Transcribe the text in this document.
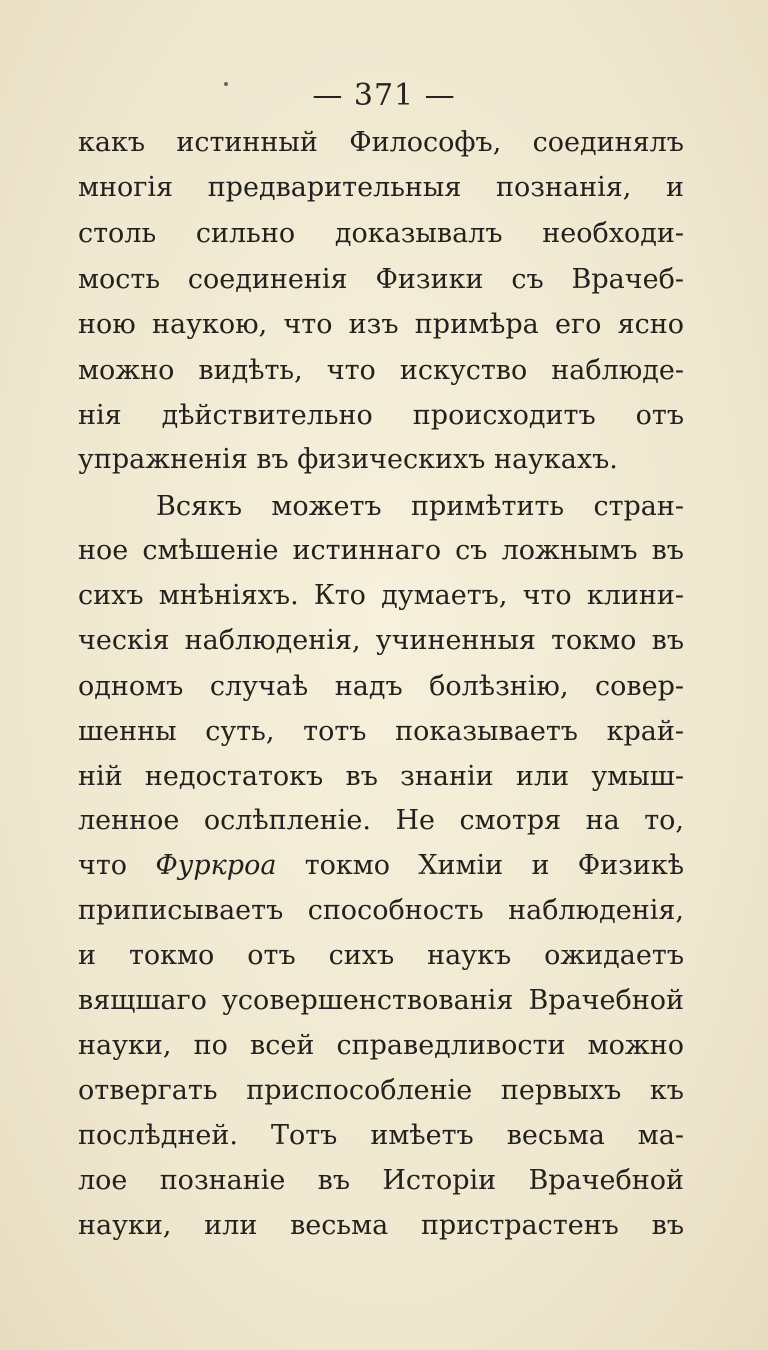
— 371 —
какъ истинный Философъ, соединялъ
многія предварительныя познанія, и
столь сильно доказывалъ необходи-
мость соединенія Физики съ Врачеб-
ною наукою, что изъ примѣра его ясно
можно видѣть, что искуство наблюде-
нія дѣйствительно происходитъ отъ
упражненія въ физическихъ наукахъ.
Всякъ можетъ примѣтить стран-
ное смѣшеніе истиннаго съ ложнымъ въ
сихъ мнѣніяхъ. Кто думаетъ, что клини-
ческія наблюденія, учиненныя токмо въ
одномъ случаѣ надъ болѣзнію, совер-
шенны суть, тотъ показываетъ край-
ній недостатокъ въ знаніи или умыш-
ленное ослѣпленіе. Не смотря на то,
что Фуркроа токмо Химіи и Физикѣ
приписываетъ способность наблюденія,
и токмо отъ сихъ наукъ ожидаетъ
вящшаго усовершенствованія Врачебной
науки, по всей справедливости можно
отвергать приспособленіе первыхъ къ
послѣдней. Тотъ имѣетъ весьма ма-
лое познаніе въ Исторіи Врачебной
науки, или весьма пристрастенъ въ
